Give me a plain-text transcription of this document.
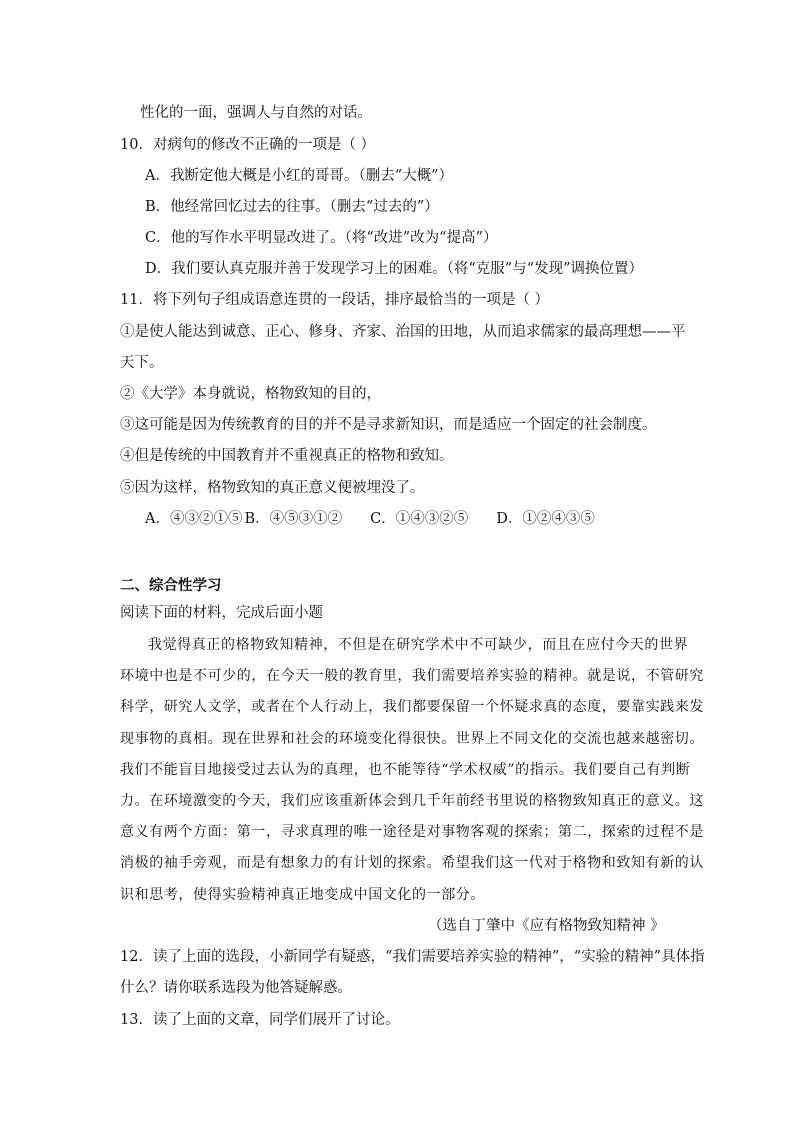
性化的一面，强调人与自然的对话。
10．对病句的修改不正确的一项是（ ）
A．我断定他大概是小红的哥哥。（删去“大概”）
B．他经常回忆过去的往事。（删去“过去的”）
C．他的写作水平明显改进了。（将“改进”改为“提高”）
D．我们要认真克服并善于发现学习上的困难。（将“克服”与“发现”调换位置）
11．将下列句子组成语意连贯的一段话，排序最恰当的一项是（ ）
①是使人能达到诚意、正心、修身、齐家、治国的田地，从而追求儒家的最高理想——平
天下。
②《大学》本身就说，格物致知的目的，
③这可能是因为传统教育的目的并不是寻求新知识，而是适应一个固定的社会制度。
④但是传统的中国教育并不重视真正的格物和致知。
⑤因为这样，格物致知的真正意义便被埋没了。
A．④③②①⑤ B．④⑤③①② C．①④③②⑤ D．①②④③⑤
二、综合性学习
阅读下面的材料，完成后面小题
我觉得真正的格物致知精神，不但是在研究学术中不可缺少，而且在应付今天的世界
环境中也是不可少的，在今天一般的教育里，我们需要培养实验的精神。就是说，不管研究
科学，研究人文学，或者在个人行动上，我们都要保留一个怀疑求真的态度，要靠实践来发
现事物的真相。现在世界和社会的环境变化得很快。世界上不同文化的交流也越来越密切。
我们不能盲目地接受过去认为的真理，也不能等待“学术权威”的指示。我们要自己有判断
力。在环境激变的今天，我们应该重新体会到几千年前经书里说的格物致知真正的意义。这
意义有两个方面：第一，寻求真理的唯一途径是对事物客观的探索；第二，探索的过程不是
消极的袖手旁观，而是有想象力的有计划的探索。希望我们这一代对于格物和致知有新的认
识和思考，使得实验精神真正地变成中国文化的一部分。
（选自丁肇中《应有格物致知精神 》
12．读了上面的选段，小新同学有疑惑，“我们需要培养实验的精神”，“实验的精神”具体指
什么？请你联系选段为他答疑解惑。
13．读了上面的文章，同学们展开了讨论。
